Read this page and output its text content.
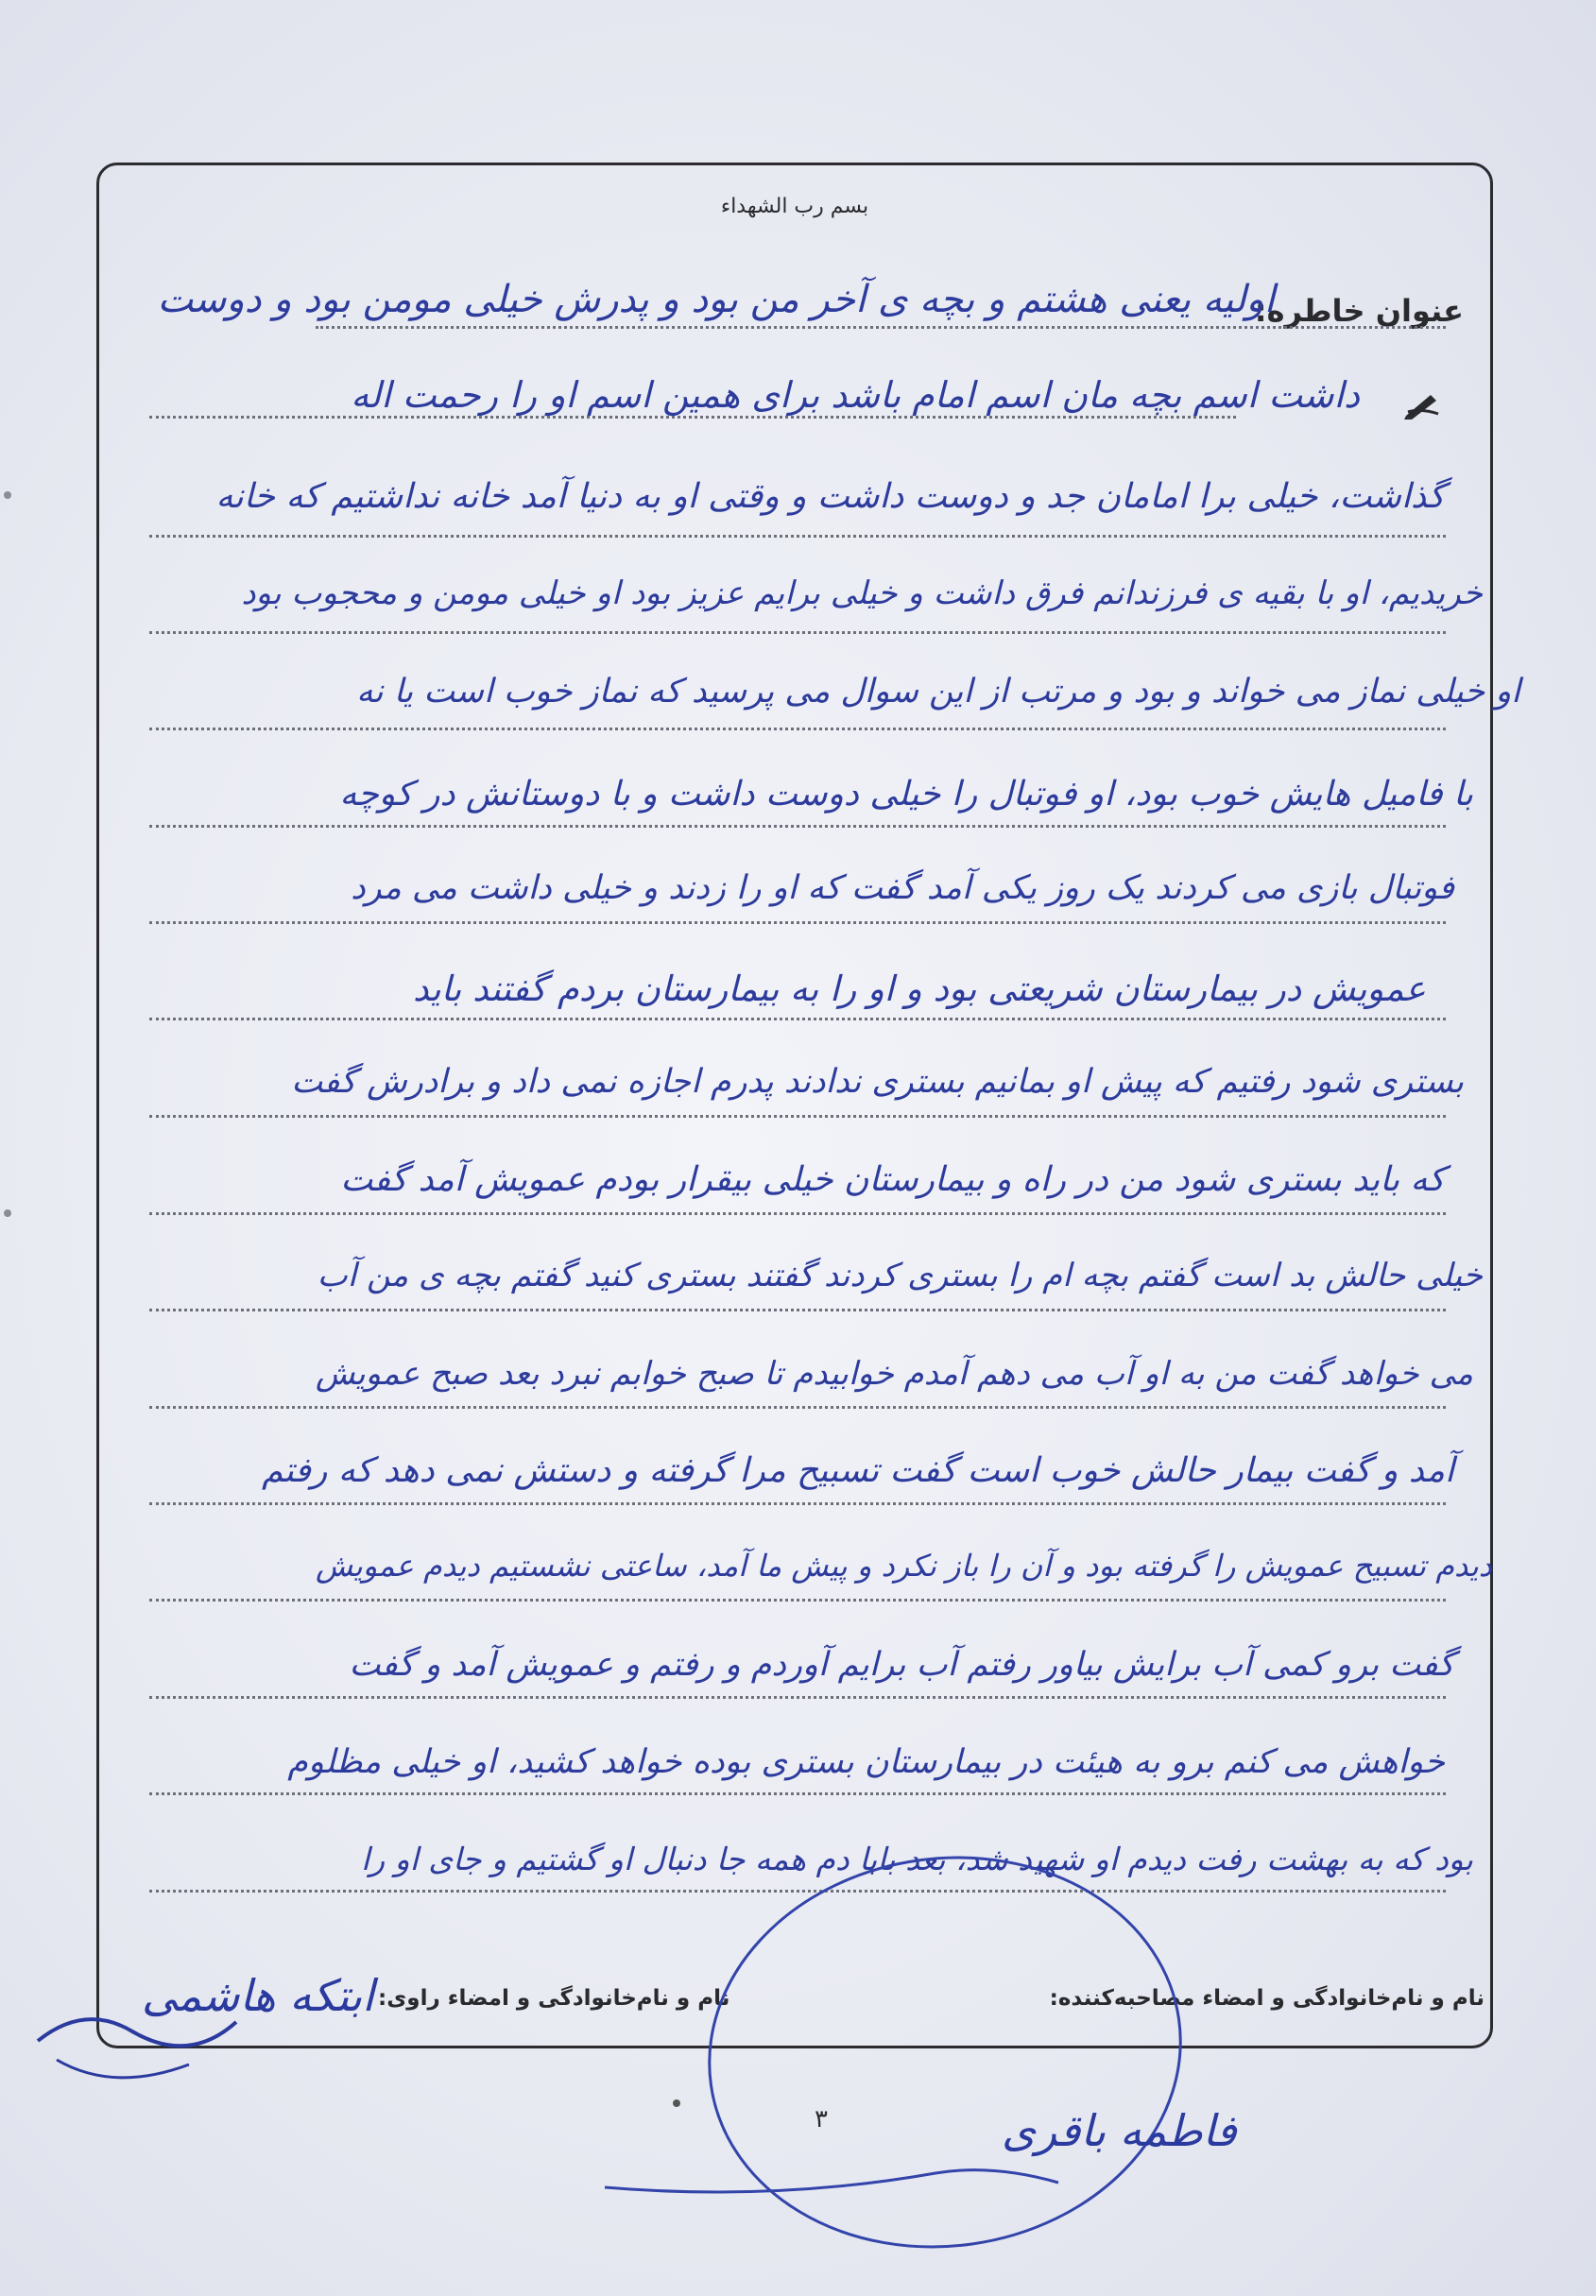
بسم رب الشهداء
عنوان خاطره:
اولیه یعنی هشتم و بچه ی آخر من بود و پدرش خیلی مومن بود و دوست
داشت اسم بچه مان اسم امام باشد برای همین اسم او را رحمت اله
گذاشت، خیلی برا امامان جد و دوست داشت و وقتی او به دنیا آمد خانه نداشتیم که خانه
خریدیم، او با بقیه ی فرزندانم فرق داشت و خیلی برایم عزیز بود او خیلی مومن و محجوب بود
او خیلی نماز می خواند و بود و مرتب از این سوال می پرسید که نماز خوب است یا نه
با فامیل هایش خوب بود، او فوتبال را خیلی دوست داشت و با دوستانش در کوچه
فوتبال بازی می کردند یک روز یکی آمد گفت که او را زدند و خیلی داشت می مرد
عمویش در بیمارستان شریعتی بود و او را به بیمارستان بردم گفتند باید
بستری شود رفتیم که پیش او بمانیم بستری ندادند پدرم اجازه نمی داد و برادرش گفت
که باید بستری شود من در راه و بیمارستان خیلی بیقرار بودم عمویش آمد گفت
خیلی حالش بد است گفتم بچه ام را بستری کردند گفتند بستری کنید گفتم بچه ی من آب
می خواهد گفت من به او آب می دهم آمدم خوابیدم تا صبح خوابم نبرد بعد صبح عمویش
آمد و گفت بیمار حالش خوب است گفت تسبیح مرا گرفته و دستش نمی دهد که رفتم
دیدم تسبیح عمویش را گرفته بود و آن را باز نکرد و پیش ما آمد، ساعتی نشستیم دیدم عمویش
گفت برو کمی آب برایش بیاور رفتم آب برایم آوردم و رفتم و عمویش آمد و گفت
خواهش می کنم برو به هیئت در بیمارستان بستری بوده خواهد کشید، او خیلی مظلوم
بود که به بهشت رفت دیدم او شهید شد، بعد بابا دم همه جا دنبال او گشتیم و جای او را
نام و نام‌خانوادگی و امضاء مصاحبه‌کننده:
نام و نام‌خانوادگی و امضاء راوی:
۳
ابتکه هاشمی
فاطمه باقری
